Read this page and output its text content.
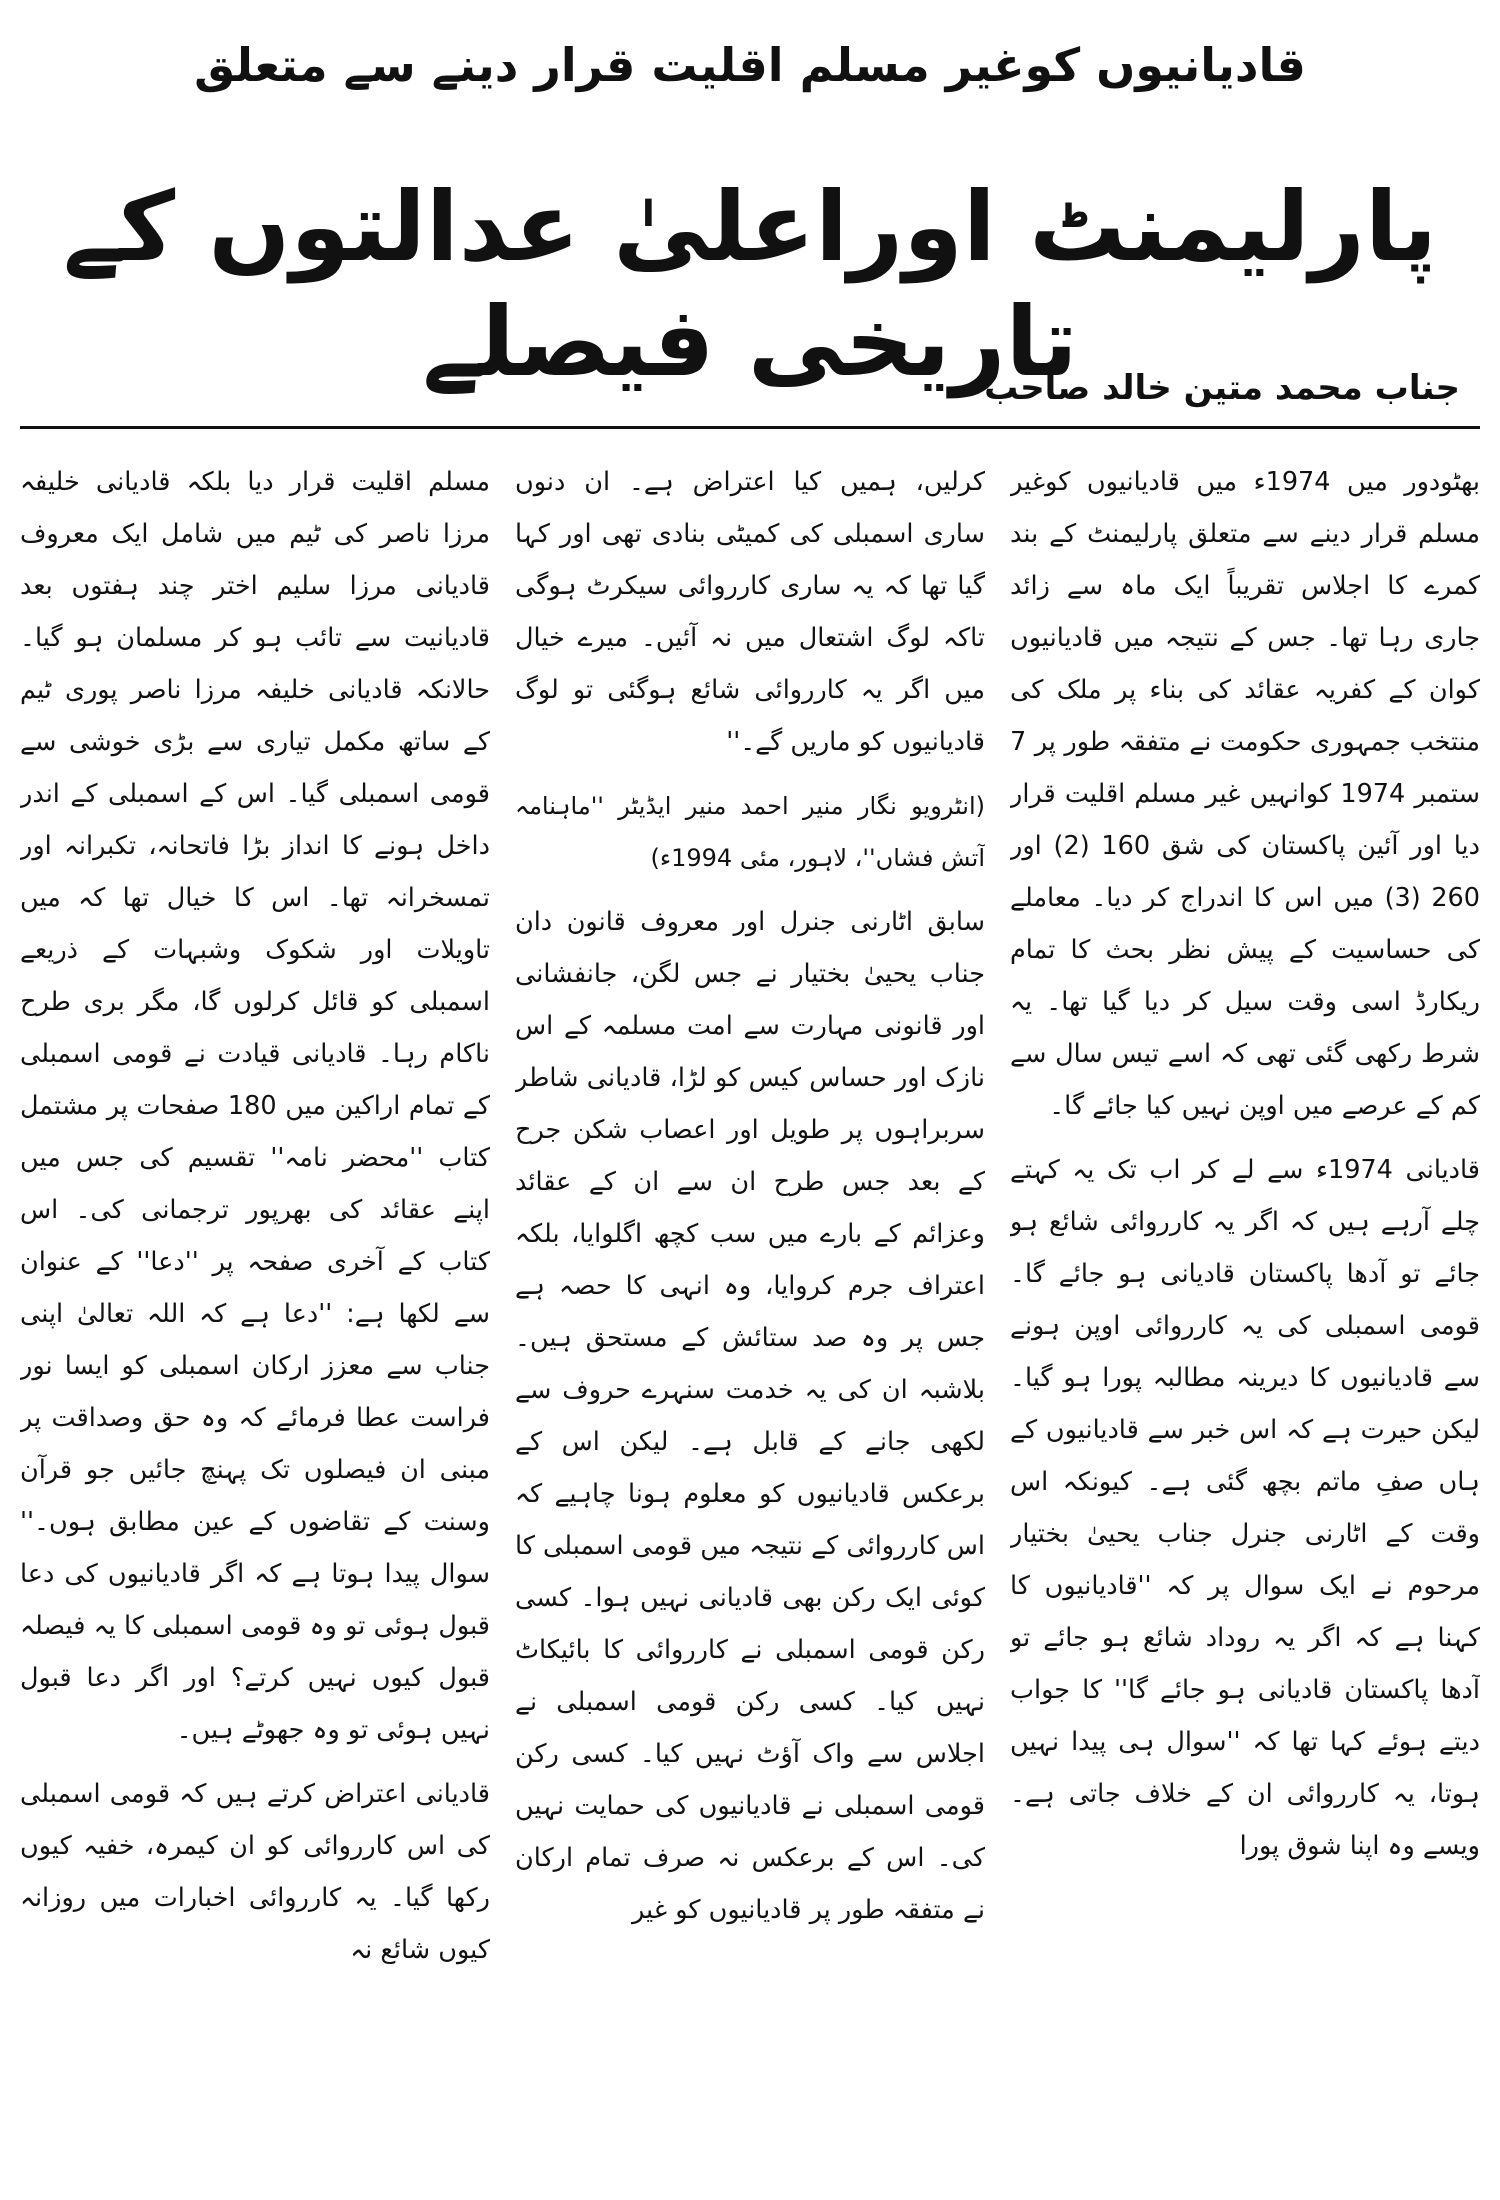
قادیانیوں کوغیر مسلم اقلیت قرار دینے سے متعلق
پارلیمنٹ اوراعلیٰ عدالتوں کے تاریخی فیصلے
جناب محمد متین خالد صاحب

بھٹودور میں 1974ء میں قادیانیوں کوغیر مسلم قرار دینے سے متعلق پارلیمنٹ کے بند کمرے کا اجلاس تقریباً ایک ماہ سے زائد جاری رہا تھا۔ جس کے نتیجہ میں قادیانیوں کوان کے کفریہ عقائد کی بناء پر ملک کی منتخب جمہوری حکومت نے متفقہ طور پر 7 ستمبر 1974 کوانہیں غیر مسلم اقلیت قرار دیا اور آئین پاکستان کی شق 160 (2) اور 260 (3) میں اس کا اندراج کر دیا۔ معاملے کی حساسیت کے پیش نظر بحث کا تمام ریکارڈ اسی وقت سیل کر دیا گیا تھا۔ یہ شرط رکھی گئی تھی کہ اسے تیس سال سے کم کے عرصے میں اوپن نہیں کیا جائے گا۔

قادیانی 1974ء سے لے کر اب تک یہ کہتے چلے آرہے ہیں کہ اگر یہ کارروائی شائع ہو جائے تو آدھا پاکستان قادیانی ہو جائے گا۔ قومی اسمبلی کی یہ کارروائی اوپن ہونے سے قادیانیوں کا دیرینہ مطالبہ پورا ہو گیا۔ لیکن حیرت ہے کہ اس خبر سے قادیانیوں کے ہاں صفِ ماتم بچھ گئی ہے۔ کیونکہ اس وقت کے اٹارنی جنرل جناب یحییٰ بختیار مرحوم نے ایک سوال پر کہ ''قادیانیوں کا کہنا ہے کہ اگر یہ روداد شائع ہو جائے تو آدھا پاکستان قادیانی ہو جائے گا'' کا جواب دیتے ہوئے کہا تھا کہ ''سوال ہی پیدا نہیں ہوتا، یہ کارروائی ان کے خلاف جاتی ہے۔ ویسے وہ اپنا شوق پورا

کرلیں، ہمیں کیا اعتراض ہے۔ ان دنوں ساری اسمبلی کی کمیٹی بنادی تھی اور کہا گیا تھا کہ یہ ساری کارروائی سیکرٹ ہوگی تاکہ لوگ اشتعال میں نہ آئیں۔ میرے خیال میں اگر یہ کارروائی شائع ہوگئی تو لوگ قادیانیوں کو ماریں گے۔''

(انٹرویو نگار منیر احمد منیر ایڈیٹر ''ماہنامہ آتش فشاں''، لاہور، مئی 1994ء)

سابق اٹارنی جنرل اور معروف قانون دان جناب یحییٰ بختیار نے جس لگن، جانفشانی اور قانونی مہارت سے امت مسلمہ کے اس نازک اور حساس کیس کو لڑا، قادیانی شاطر سربراہوں پر طویل اور اعصاب شکن جرح کے بعد جس طرح ان سے ان کے عقائد وعزائم کے بارے میں سب کچھ اگلوایا، بلکہ اعتراف جرم کروایا، وہ انہی کا حصہ ہے جس پر وہ صد ستائش کے مستحق ہیں۔ بلاشبہ ان کی یہ خدمت سنہرے حروف سے لکھی جانے کے قابل ہے۔ لیکن اس کے برعکس قادیانیوں کو معلوم ہونا چاہیے کہ اس کارروائی کے نتیجہ میں قومی اسمبلی کا کوئی ایک رکن بھی قادیانی نہیں ہوا۔ کسی رکن قومی اسمبلی نے کارروائی کا بائیکاٹ نہیں کیا۔ کسی رکن قومی اسمبلی نے اجلاس سے واک آؤٹ نہیں کیا۔ کسی رکن قومی اسمبلی نے قادیانیوں کی حمایت نہیں کی۔ اس کے برعکس نہ صرف تمام ارکان نے متفقہ طور پر قادیانیوں کو غیر

مسلم اقلیت قرار دیا بلکہ قادیانی خلیفہ مرزا ناصر کی ٹیم میں شامل ایک معروف قادیانی مرزا سلیم اختر چند ہفتوں بعد قادیانیت سے تائب ہو کر مسلمان ہو گیا۔ حالانکہ قادیانی خلیفہ مرزا ناصر پوری ٹیم کے ساتھ مکمل تیاری سے بڑی خوشی سے قومی اسمبلی گیا۔ اس کے اسمبلی کے اندر داخل ہونے کا انداز بڑا فاتحانہ، تکبرانہ اور تمسخرانہ تھا۔ اس کا خیال تھا کہ میں تاویلات اور شکوک وشبہات کے ذریعے اسمبلی کو قائل کرلوں گا، مگر بری طرح ناکام رہا۔ قادیانی قیادت نے قومی اسمبلی کے تمام اراکین میں 180 صفحات پر مشتمل کتاب ''محضر نامہ'' تقسیم کی جس میں اپنے عقائد کی بھرپور ترجمانی کی۔ اس کتاب کے آخری صفحہ پر ''دعا'' کے عنوان سے لکھا ہے: ''دعا ہے کہ اللہ تعالیٰ اپنی جناب سے معزز ارکان اسمبلی کو ایسا نور فراست عطا فرمائے کہ وہ حق وصداقت پر مبنی ان فیصلوں تک پہنچ جائیں جو قرآن وسنت کے تقاضوں کے عین مطابق ہوں۔'' سوال پیدا ہوتا ہے کہ اگر قادیانیوں کی دعا قبول ہوئی تو وہ قومی اسمبلی کا یہ فیصلہ قبول کیوں نہیں کرتے؟ اور اگر دعا قبول نہیں ہوئی تو وہ جھوٹے ہیں۔

قادیانی اعتراض کرتے ہیں کہ قومی اسمبلی کی اس کارروائی کو ان کیمرہ، خفیہ کیوں رکھا گیا۔ یہ کارروائی اخبارات میں روزانہ کیوں شائع نہ
